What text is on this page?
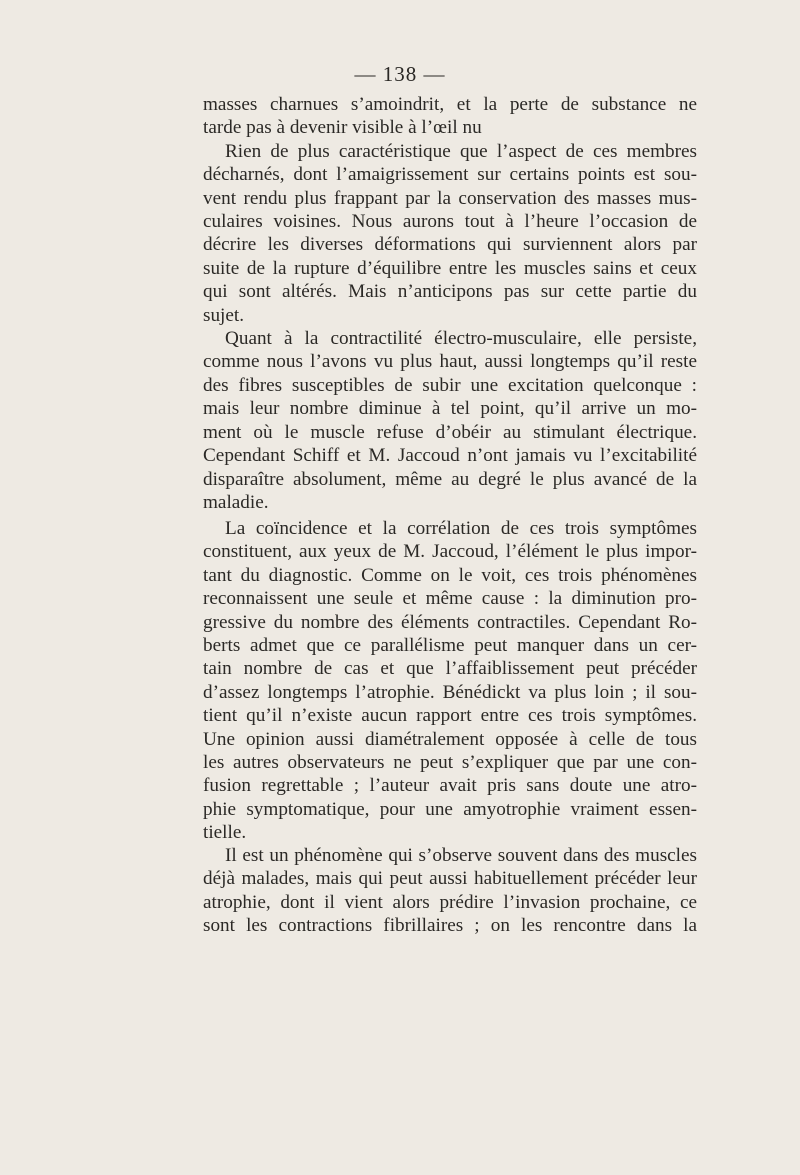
— 138 —
masses charnues s’amoindrit, et la perte de substance ne
tarde pas à devenir visible à l’œil nu
Rien de plus caractéristique que l’aspect de ces membres
décharnés, dont l’amaigrissement sur certains points est sou-
vent rendu plus frappant par la conservation des masses mus-
culaires voisines. Nous aurons tout à l’heure l’occasion de
décrire les diverses déformations qui surviennent alors par
suite de la rupture d’équilibre entre les muscles sains et ceux
qui sont altérés. Mais n’anticipons pas sur cette partie du
sujet.
Quant à la contractilité électro-musculaire, elle persiste,
comme nous l’avons vu plus haut, aussi longtemps qu’il reste
des fibres susceptibles de subir une excitation quelconque :
mais leur nombre diminue à tel point, qu’il arrive un mo-
ment où le muscle refuse d’obéir au stimulant électrique.
Cependant Schiff et M. Jaccoud n’ont jamais vu l’excitabilité
disparaître absolument, même au degré le plus avancé de la
maladie.
La coïncidence et la corrélation de ces trois symptômes
constituent, aux yeux de M. Jaccoud, l’élément le plus impor-
tant du diagnostic. Comme on le voit, ces trois phénomènes
reconnaissent une seule et même cause : la diminution pro-
gressive du nombre des éléments contractiles. Cependant Ro-
berts admet que ce parallélisme peut manquer dans un cer-
tain nombre de cas et que l’affaiblissement peut précéder
d’assez longtemps l’atrophie. Bénédickt va plus loin ; il sou-
tient qu’il n’existe aucun rapport entre ces trois symptômes.
Une opinion aussi diamétralement opposée à celle de tous
les autres observateurs ne peut s’expliquer que par une con-
fusion regrettable ; l’auteur avait pris sans doute une atro-
phie symptomatique, pour une amyotrophie vraiment essen-
tielle.
Il est un phénomène qui s’observe souvent dans des muscles
déjà malades, mais qui peut aussi habituellement précéder leur
atrophie, dont il vient alors prédire l’invasion prochaine, ce
sont les contractions fibrillaires ; on les rencontre dans la
